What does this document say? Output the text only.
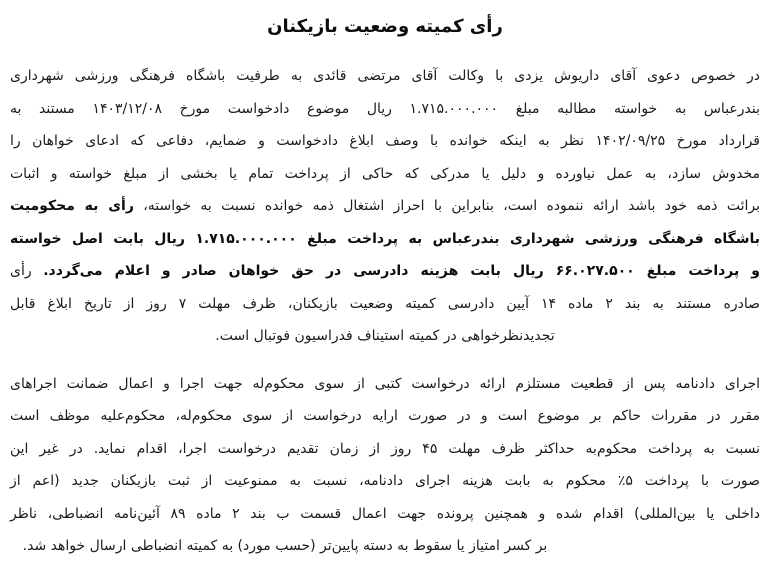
رأی کمیته وضعیت بازیکنان
در خصوص دعوی آقای داریوش یزدی با وکالت آقای مرتضی قائدی به طرفیت باشگاه فرهنگی ورزشی شهرداری
بندرعباس به خواسته مطالبه مبلغ ۱.۷۱۵.۰۰۰.۰۰۰ ریال موضوع دادخواست مورخ ۱۴۰۳/۱۲/۰۸ مستند به
قرارداد مورخ ۱۴۰۲/۰۹/۲۵ نظر به اینکه خوانده با وصف ابلاغ دادخواست و ضمایم، دفاعی که ادعای خواهان را
مخدوش سازد، به عمل نیاورده و دلیل یا مدرکی که حاکی از پرداخت تمام یا بخشی از مبلغ خواسته و اثبات
برائت ذمه خود باشد ارائه ننموده است، بنابراین با احراز اشتغال ذمه خوانده نسبت به خواسته، رأی به محکومیت
باشگاه فرهنگی ورزشی شهرداری بندرعباس به پرداخت مبلغ ۱.۷۱۵.۰۰۰.۰۰۰ ریال بابت اصل خواسته
و پرداخت مبلغ ۶۶.۰۲۷.۵۰۰ ریال بابت هزینه دادرسی در حق خواهان صادر و اعلام می‌گردد. رأی
صادره مستند به بند ۲ ماده ۱۴ آیین دادرسی کمیته وضعیت بازیکنان، ظرف مهلت ۷ روز از تاریخ ابلاغ قابل
تجدیدنظرخواهی در کمیته استیناف فدراسیون فوتبال است.
اجرای دادنامه پس از قطعیت مستلزم ارائه درخواست کتبی از سوی محکوم‌له جهت اجرا و اعمال ضمانت اجراهای
مقرر در مقررات حاکم بر موضوع است و در صورت ارایه درخواست از سوی محکوم‌له، محکوم‌علیه موظف است
نسبت به پرداخت محکوم‌به حداکثر ظرف مهلت ۴۵ روز از زمان تقدیم درخواست اجرا، اقدام نماید. در غیر این
صورت با پرداخت ۵٪ محکوم به بابت هزینه اجرای دادنامه، نسبت به ممنوعیت از ثبت بازیکنان جدید (اعم از
داخلی یا بین‌المللی) اقدام شده و همچنین پرونده جهت اعمال قسمت ب بند ۲ ماده ۸۹ آئین‌نامه انضباطی، ناظر
بر کسر امتیاز یا سقوط به دسته پایین‌تر (حسب مورد) به کمیته انضباطی ارسال خواهد شد.
